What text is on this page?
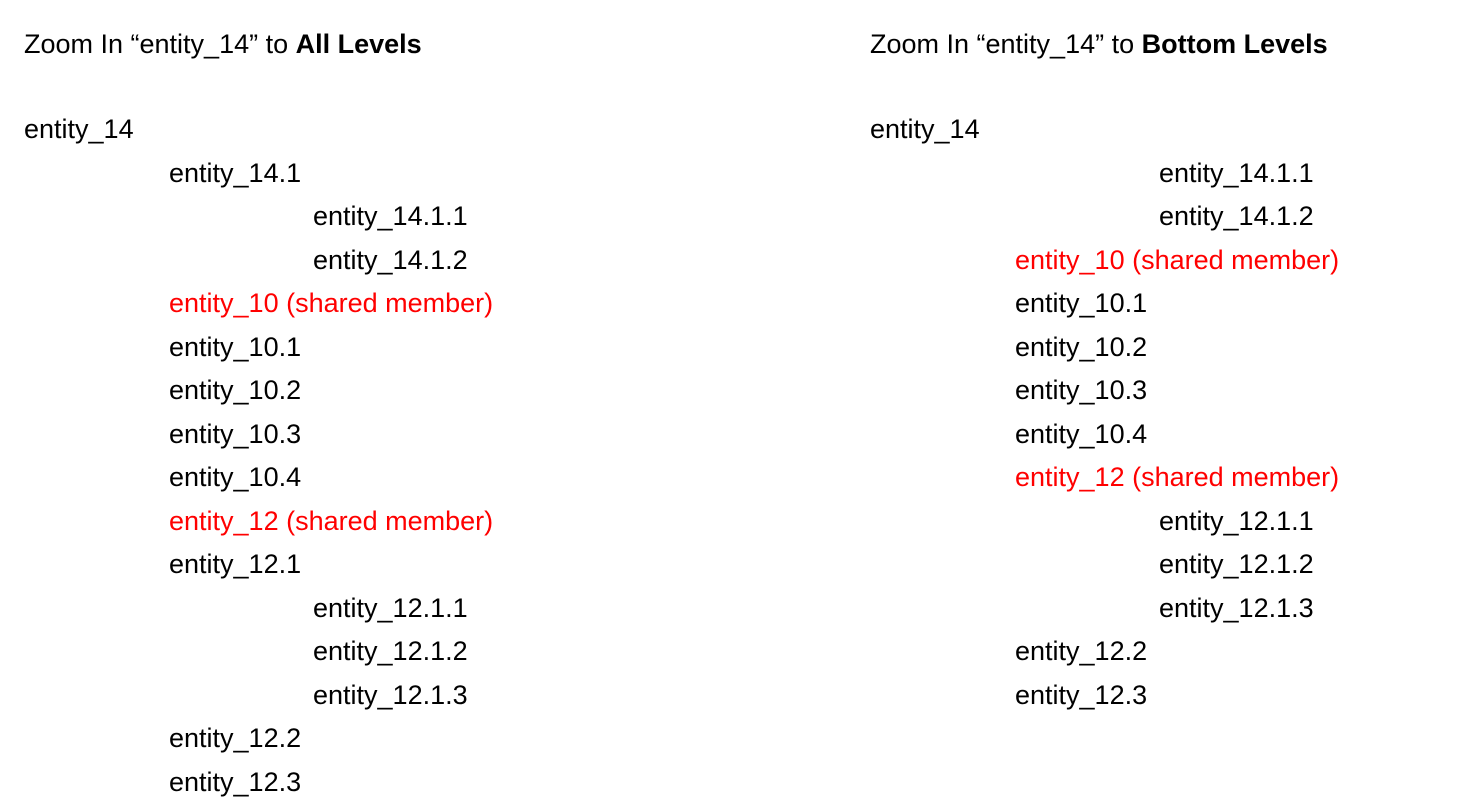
Zoom In “entity_14” to All Levels
entity_14
entity_14.1
entity_14.1.1
entity_14.1.2
entity_10 (shared member)
entity_10.1
entity_10.2
entity_10.3
entity_10.4
entity_12 (shared member)
entity_12.1
entity_12.1.1
entity_12.1.2
entity_12.1.3
entity_12.2
entity_12.3
Zoom In “entity_14” to Bottom Levels
entity_14
entity_14.1.1
entity_14.1.2
entity_10 (shared member)
entity_10.1
entity_10.2
entity_10.3
entity_10.4
entity_12 (shared member)
entity_12.1.1
entity_12.1.2
entity_12.1.3
entity_12.2
entity_12.3
